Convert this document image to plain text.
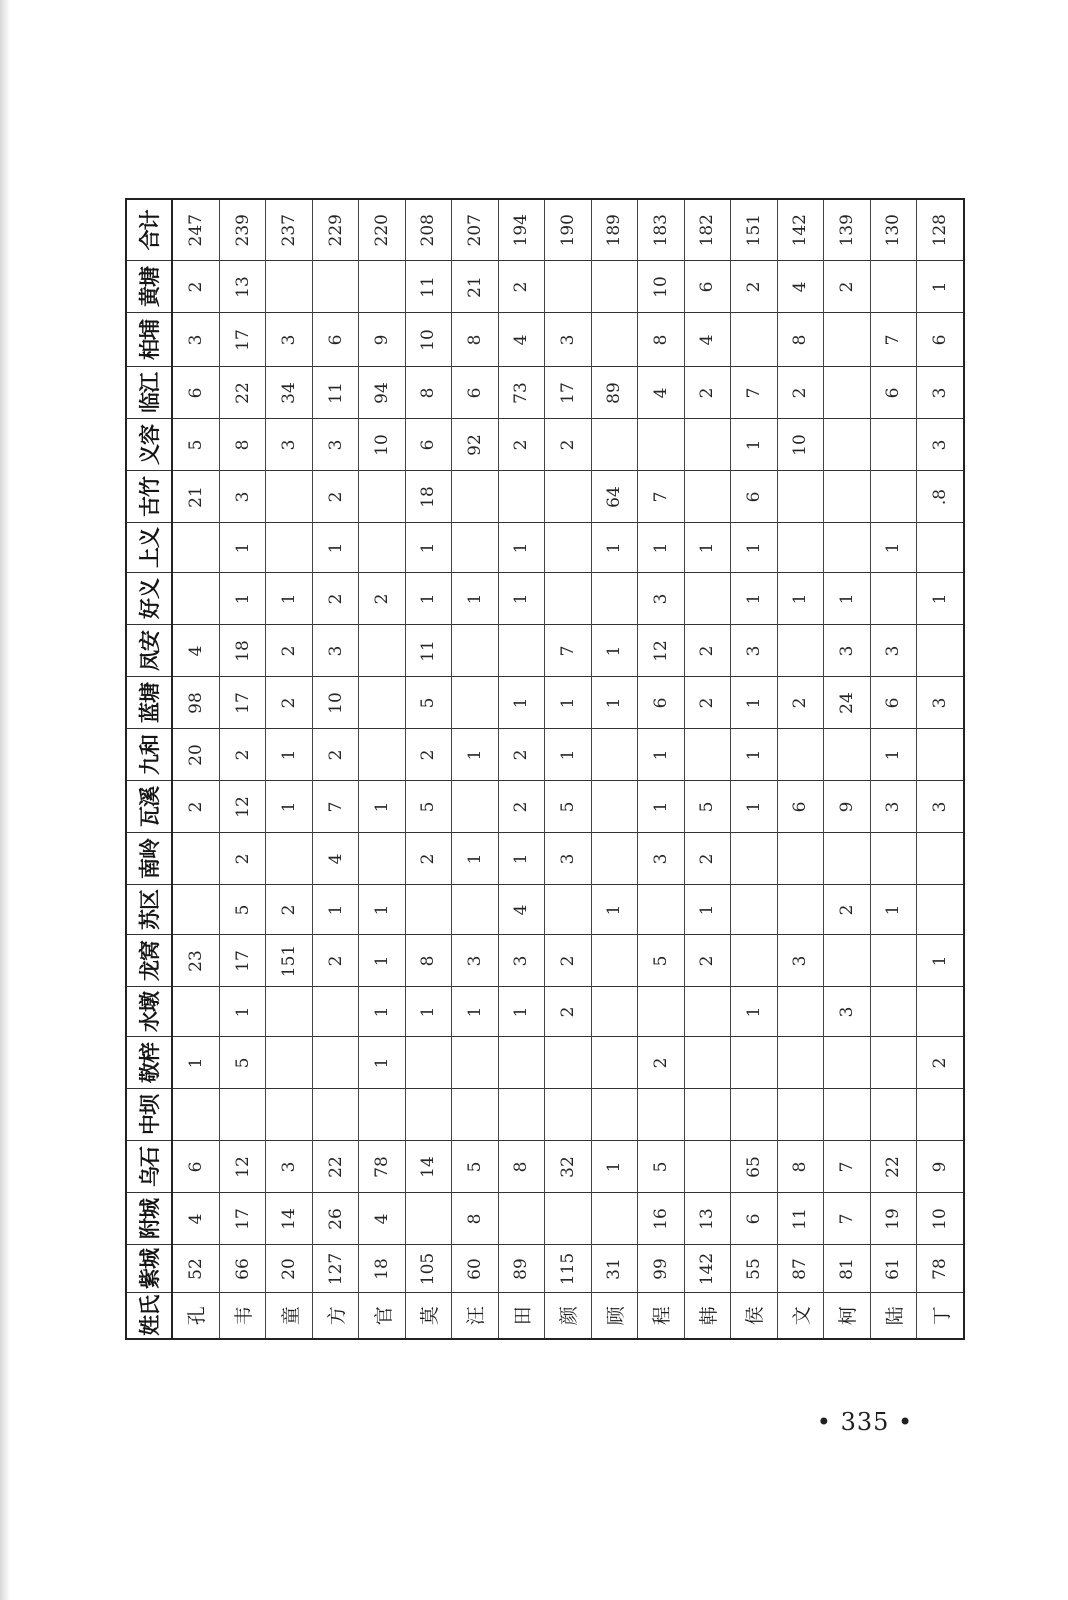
姓氏	紫城	附城	乌石	中坝	敬梓	水墩	龙窝	苏区	南岭	瓦溪	九和	蓝塘	凤安	好义	上义	古竹	义容	临江	柏埔	黄塘	合计
孔	52	4	6		1		23			2	20	98	4			21	5	6	3	2	247
韦	66	17	12		5	1	17	5	2	12	2	17	18	1	1	3	8	22	17	13	239
童	20	14	3				151	2		1	1	2	2	1			3	34	3		237
方	127	26	22				2	1	4	7	2	10	3	2	1	2	3	11	6		229
官	18	4	78		1	1	1	1		1				2			10	94	9		220
莫	105		14			1	8		2	5	2	5	11	1	1	18	6	8	10	11	208
汪	60	8	5			1	3		1		1			1			92	6	8	21	207
田	89		8			1	3	4	1	2	2	1		1	1		2	73	4	2	194
颜	115		32			2	2		3	5	1	1	7				2	17	3		190
顾	31		1					1				1	1		1	64		89			189
程	99	16	5		2		5		3	1	1	6	12	3	1	7		4	8	10	183
韩	142	13					2	1	2	5		2	2		1			2	4	6	182
侯	55	6	65			1				1	1	1	3	1	1	6	1	7		2	151
文	87	11	8				3			6		2		1			10	2	8	4	142
柯	81	7	7			3		2		9		24	3	1						2	139
陆	61	19	22					1		3	1	6	3		1			6	7		130
丁	78	10	9		2		1			3		3		1		.8	3	3	6	1	128
• 335 •
